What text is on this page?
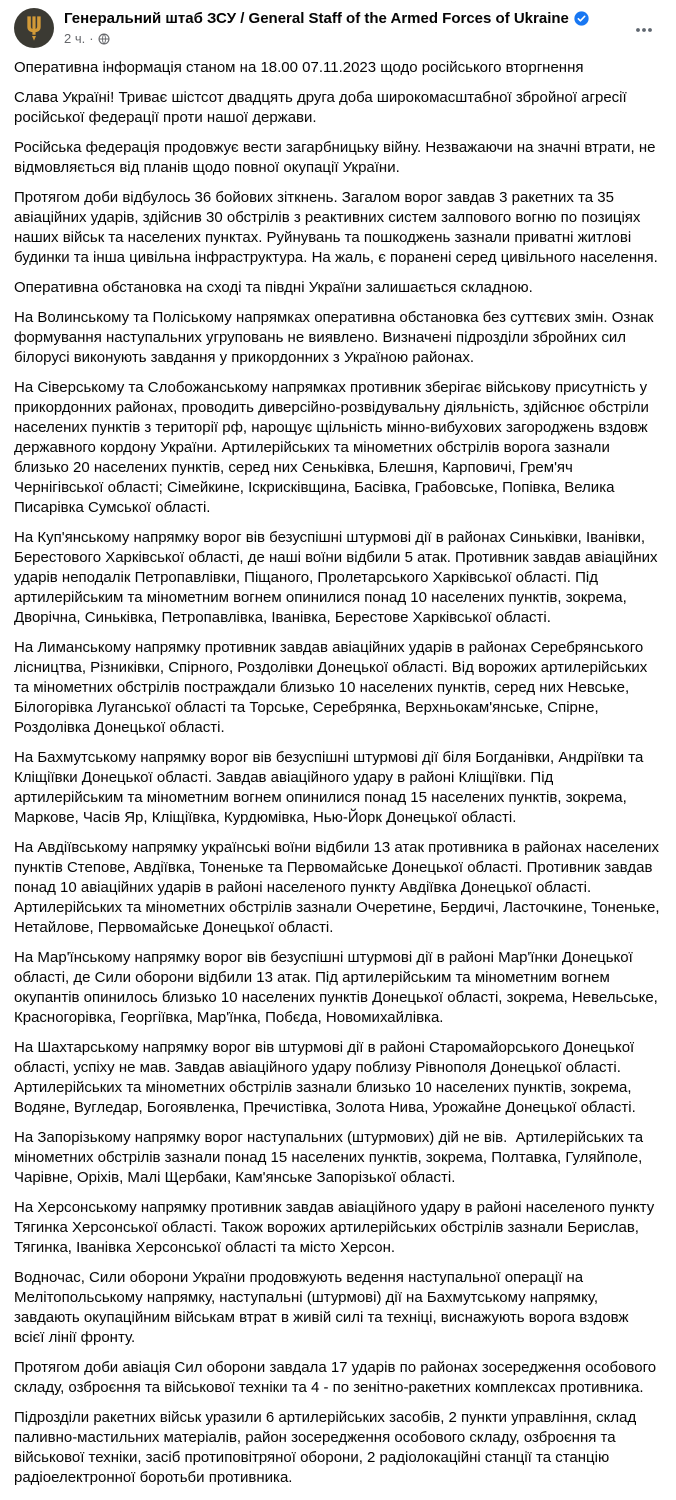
Генеральний штаб ЗСУ / General Staff of the Armed Forces of Ukraine
2 ч. ·

Оперативна інформація станом на 18.00 07.11.2023 щодо російського вторгнення

Слава Україні! Триває шістсот двадцять друга доба широкомасштабної збройної агресії російської федерації проти нашої держави.

Російська федерація продовжує вести загарбницьку війну. Незважаючи на значні втрати, не відмовляється від планів щодо повної окупації України.

Протягом доби відбулось 36 бойових зіткнень. Загалом ворог завдав 3 ракетних та 35 авіаційних ударів, здійснив 30 обстрілів з реактивних систем залпового вогню по позиціях наших військ та населених пунктах. Руйнувань та пошкоджень зазнали приватні житлові будинки та інша цивільна інфраструктура. На жаль, є поранені серед цивільного населення.

Оперативна обстановка на сході та півдні України залишається складною.

На Волинському та Поліському напрямках оперативна обстановка без суттєвих змін. Ознак формування наступальних угруповань не виявлено. Визначені підрозділи збройних сил білорусі виконують завдання у прикордонних з Україною районах.

На Сіверському та Слобожанському напрямках противник зберігає військову присутність у прикордонних районах, проводить диверсійно-розвідувальну діяльність, здійснює обстріли населених пунктів з території рф, нарощує щільність мінно-вибухових загороджень вздовж державного кордону України. Артилерійських та мінометних обстрілів ворога зазнали близько 20 населених пунктів, серед них Сеньківка, Блешня, Карповичі, Грем'яч Чернігівської області; Сімейкине, Іскрисківщина, Басівка, Грабовське, Попівка, Велика Писарівка Сумської області.

На Куп'янському напрямку ворог вів безуспішні штурмові дії в районах Синьківки, Іванівки, Берестового Харківської області, де наші воїни відбили 5 атак. Противник завдав авіаційних ударів неподалік Петропавлівки, Піщаного, Пролетарського Харківської області. Під артилерійським та мінометним вогнем опинилися понад 10 населених пунктів, зокрема, Дворічна, Синьківка, Петропавлівка, Іванівка, Берестове Харківської області.

На Лиманському напрямку противник завдав авіаційних ударів в районах Серебрянського лісництва, Різниківки, Спірного, Роздолівки Донецької області. Від ворожих артилерійських та мінометних обстрілів постраждали близько 10 населених пунктів, серед них Невське, Білогорівка Луганської області та Торське, Серебрянка, Верхньокам'янське, Спірне, Роздолівка Донецької області.

На Бахмутському напрямку ворог вів безуспішні штурмові дії біля Богданівки, Андріївки та Кліщіївки Донецької області. Завдав авіаційного удару в районі Кліщіївки. Під артилерійським та мінометним вогнем опинилися понад 15 населених пунктів, зокрема, Маркове, Часів Яр, Кліщіївка, Курдюмівка, Нью-Йорк Донецької області.

На Авдіївському напрямку українські воїни відбили 13 атак противника в районах населених пунктів Степове, Авдіївка, Тоненьке та Первомайське Донецької області. Противник завдав понад 10 авіаційних ударів в районі населеного пункту Авдіївка Донецької області. Артилерійських та мінометних обстрілів зазнали Очеретине, Бердичі, Ласточкине, Тоненьке, Нетайлове, Первомайське Донецької області.

На Мар'їнському напрямку ворог вів безуспішні штурмові дії в районі Мар'їнки Донецької області, де Сили оборони відбили 13 атак. Під артилерійським та мінометним вогнем окупантів опинилось близько 10 населених пунктів Донецької області, зокрема, Невельське, Красногорівка, Георгіївка, Мар'їнка, Побєда, Новомихайлівка.

На Шахтарському напрямку ворог вів штурмові дії в районі Старомайорського Донецької області, успіху не мав. Завдав авіаційного удару поблизу Рівнополя Донецької області. Артилерійських та мінометних обстрілів зазнали близько 10 населених пунктів, зокрема, Водяне, Вугледар, Богоявленка, Пречистівка, Золота Нива, Урожайне Донецької області.

На Запорізькому напрямку ворог наступальних (штурмових) дій не вів.  Артилерійських та мінометних обстрілів зазнали понад 15 населених пунктів, зокрема, Полтавка, Гуляйполе, Чарівне, Оріхів, Малі Щербаки, Кам'янське Запорізької області.

На Херсонському напрямку противник завдав авіаційного удару в районі населеного пункту Тягинка Херсонської області. Також ворожих артилерійських обстрілів зазнали Берислав, Тягинка, Іванівка Херсонської області та місто Херсон.

Водночас, Сили оборони України продовжують ведення наступальної операції на Мелітопольському напрямку, наступальні (штурмові) дії на Бахмутському напрямку, завдають окупаційним військам втрат в живій силі та техніці, виснажують ворога вздовж всієї лінії фронту.

Протягом доби авіація Сил оборони завдала 17 ударів по районах зосередження особового складу, озброєння та військової техніки та 4 - по зенітно-ракетних комплексах противника.

Підрозділи ракетних військ уразили 6 артилерійських засобів, 2 пункти управління, склад паливно-мастильних матеріалів, район зосередження особового складу, озброєння та військової техніки, засіб протиповітряної оборони, 2 радіолокаційні станції та станцію радіоелектронної боротьби противника.
